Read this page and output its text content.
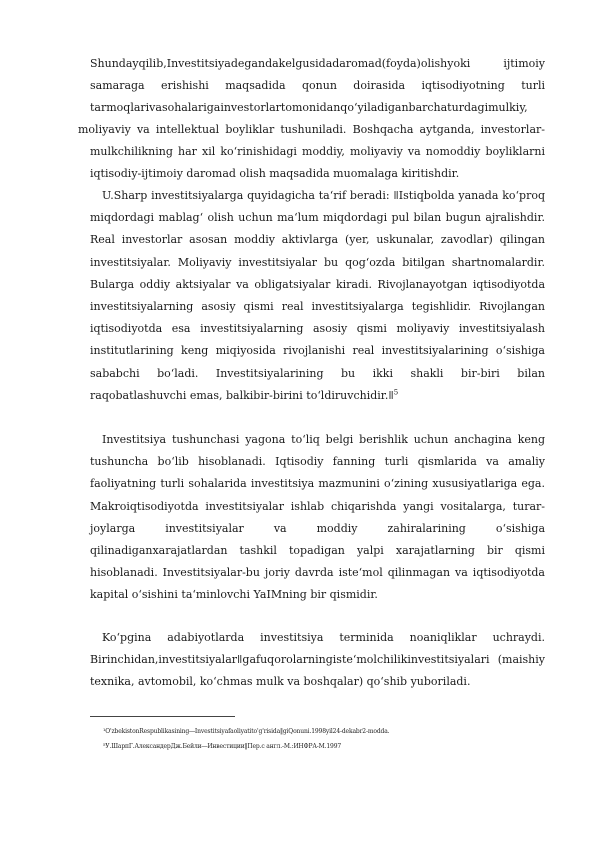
Shundayqilib,Investitsiyadegandakelgusidadaromad(foyda)olishyoki ijtimoiy samaraga erishishi maqsadida qonun doirasida iqtisodiyotning turli tarmoqlarivasohalarigainvestorlartomonidanqo‘yiladiganbarchaturdagimulkiy,
moliyaviy va intellektual boyliklar tushuniladi. Boshqacha aytganda, investorlar-mulkchilikning har xil ko‘rinishidagi moddiy, moliyaviy va nomoddiy boyliklarni iqtisodiy-ijtimoiy daromad olish maqsadida muomalaga kiritishdir.
U.Sharp investitsiyalarga quyidagicha ta‘rif beradi: ǁIstiqbolda yanada ko‘proq miqdordagi mablag‘ olish uchun ma‘lum miqdordagi pul bilan bugun ajralishdir. Real investorlar asosan moddiy aktivlarga (yer, uskunalar, zavodlar) qilingan investitsiyalar. Moliyaviy investitsiyalar bu qog‘ozda bitilgan shartnomalardir. Bularga oddiy aktsiyalar va obligatsiyalar kiradi. Rivojlanayotgan iqtisodiyotda investitsiyalarning asosiy qismi real investitsiyalarga tegishlidir. Rivojlangan iqtisodiyotda esa investitsiyalarning asosiy qismi moliyaviy investitsiyalash institutlarining keng miqiyosida rivojlanishi real investitsiyalarining o‘sishiga sababchi bo‘ladi. Investitsiyalarining bu ikki shakli bir-biri bilan raqobatlashuvchi emas, balkibir-birini $to‘ldiruvchidir.ǁ^5$
Investitsiya tushunchasi yagona to‘liq belgi berishlik uchun anchagina keng tushuncha bo‘lib hisoblanadi. Iqtisodiy fanning turli qismlarida va amaliy faoliyatning turli sohalarida investitsiya mazmunini o‘zining xususiyatlariga ega. Makroiqtisodiyotda investitsiyalar ishlab chiqarishda yangi vositalarga, turar-joylarga investitsiyalar va moddiy zahiralarining o‘sishiga qilinadiganxarajatlardan tashkil topadigan yalpi xarajatlarning bir qismi hisoblanadi. Investitsiyalar-bu joriy davrda iste‘mol qilinmagan va iqtisodiyotda kapital o‘sishini ta‘minlovchi YaIMning bir qismidir.
Ko‘pgina adabiyotlarda investitsiya terminida noaniqliklar uchraydi. Birinchidan,investitsiyalarǁgafuqorolarningiste‘molchilikinvestitsiyalari (maishiy texnika, avtomobil, ko‘chmas mulk va boshqalar) qo‘shib yuboriladi.
¹O'zbekistonRespublikasining―Investitsiyafaoliyatito'g'risida‖giQonuni.1998yil24-dekabr2-modda.
⁵У.ШарпГ.АлександерДж.Бейли―Инвестиции‖Пер.с англ.-М.:ИНФРА-М.1997
